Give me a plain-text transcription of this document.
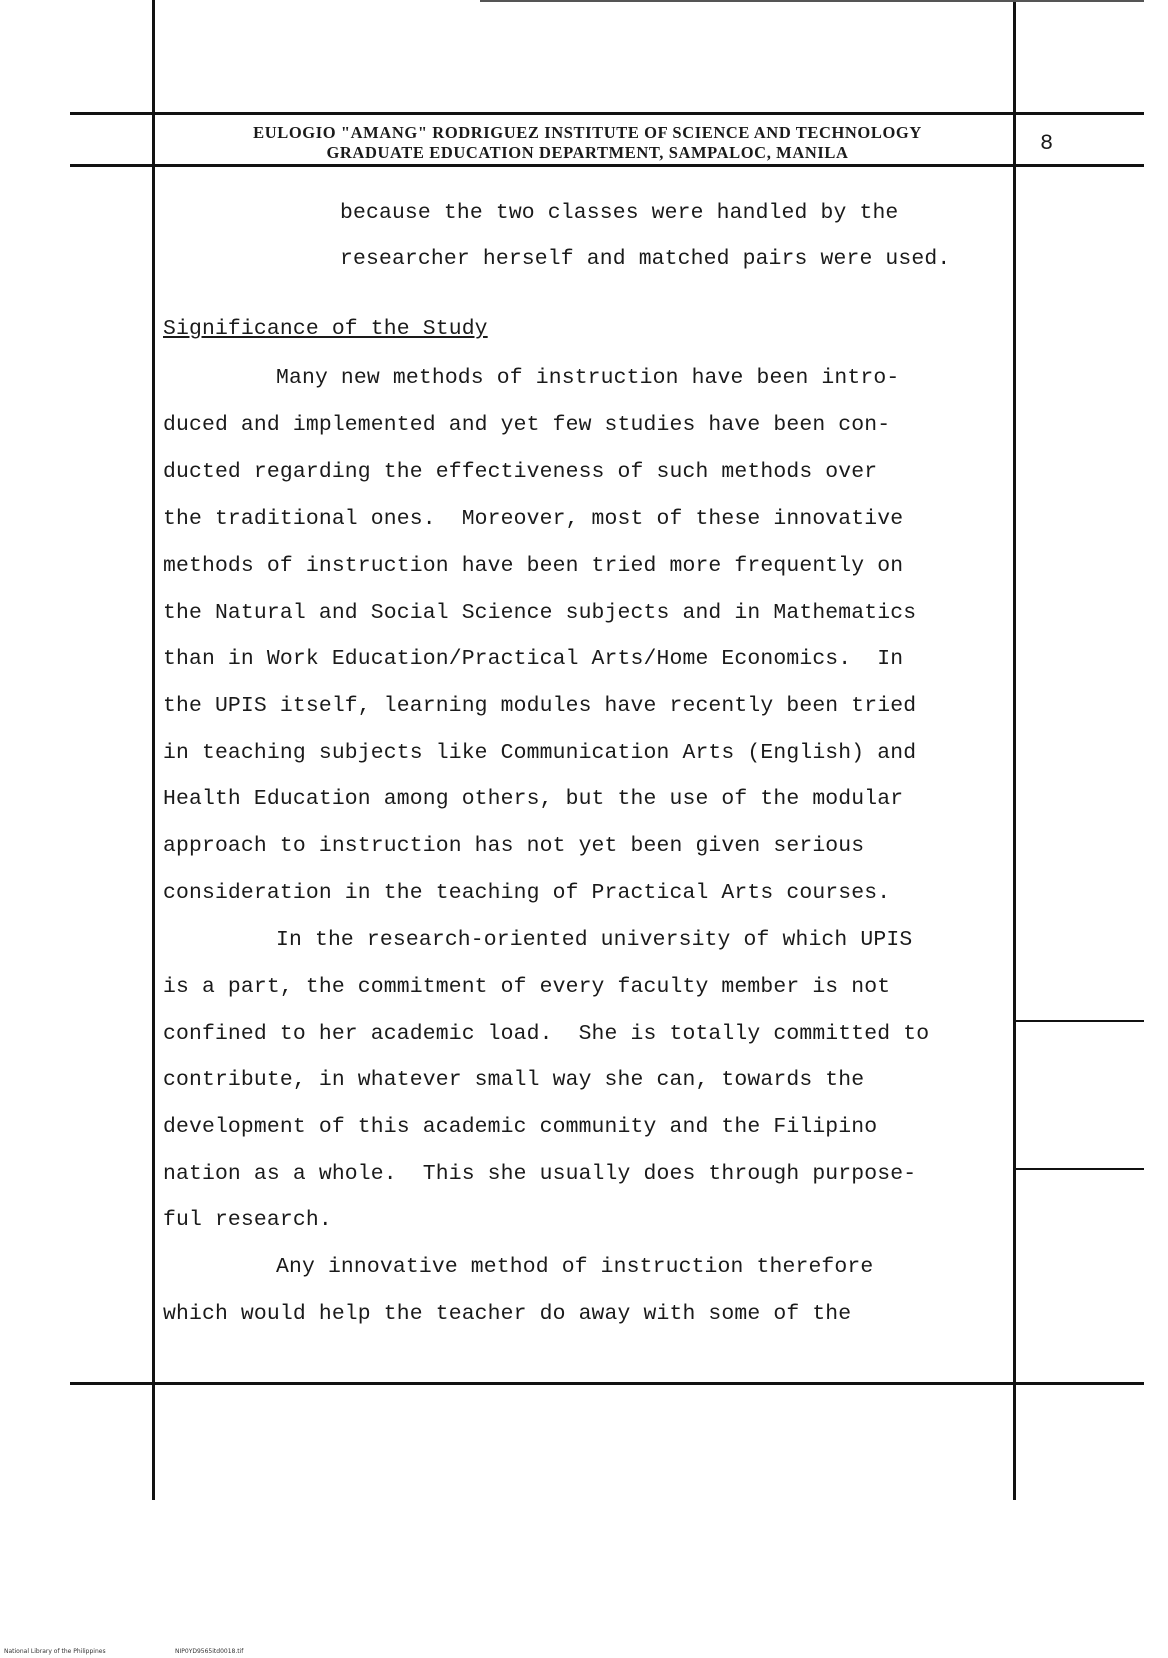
EULOGIO "AMANG" RODRIGUEZ INSTITUTE OF SCIENCE AND TECHNOLOGY
GRADUATE EDUCATION DEPARTMENT, SAMPALOC, MANILA	8
because the two classes were handled by the
researcher herself and matched pairs were used.
Significance of the Study
Many new methods of instruction have been intro-
duced and implemented and yet few studies have been con-
ducted regarding the effectiveness of such methods over
the traditional ones.  Moreover, most of these innovative
methods of instruction have been tried more frequently on
the Natural and Social Science subjects and in Mathematics
than in Work Education/Practical Arts/Home Economics.  In
the UPIS itself, learning modules have recently been tried
in teaching subjects like Communication Arts (English) and
Health Education among others, but the use of the modular
approach to instruction has not yet been given serious
consideration in the teaching of Practical Arts courses.
In the research-oriented university of which UPIS
is a part, the commitment of every faculty member is not
confined to her academic load.  She is totally committed to
contribute, in whatever small way she can, towards the
development of this academic community and the Filipino
nation as a whole.  This she usually does through purpose-
ful research.
Any innovative method of instruction therefore
which would help the teacher do away with some of the
National Library of the Philippines	NIP0YD9565itd0018.tif
